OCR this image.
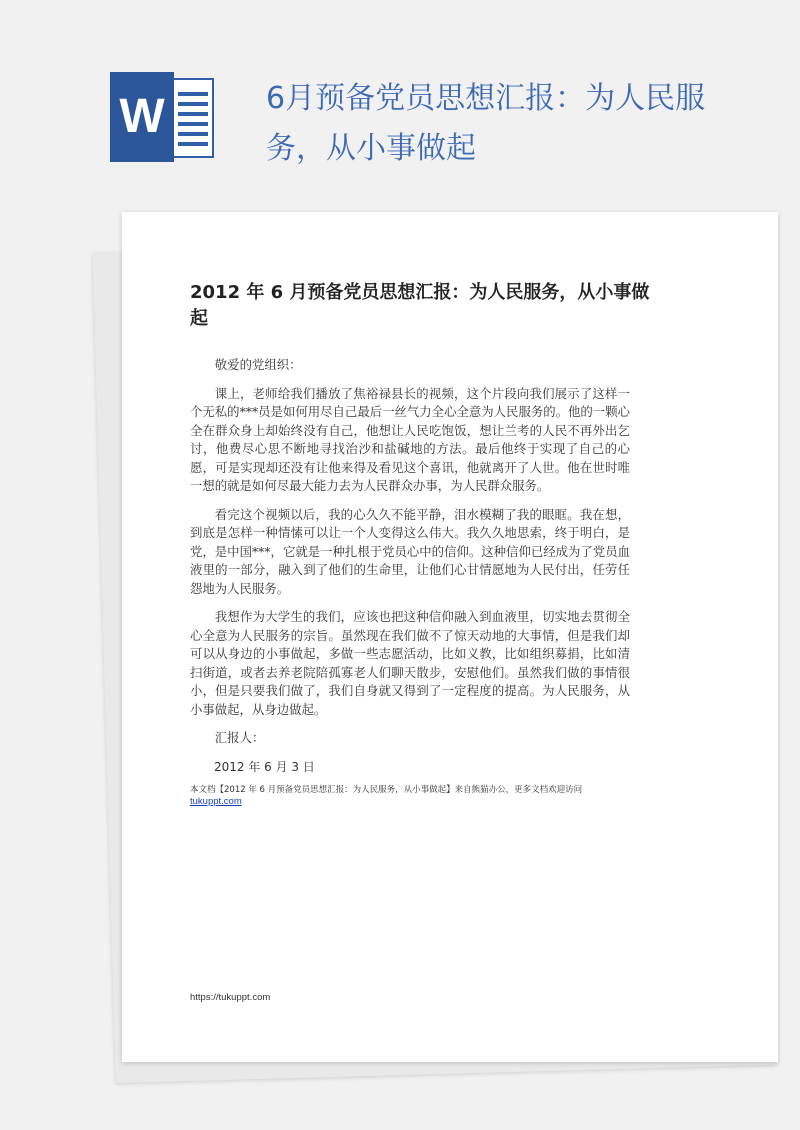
W	6月预备党员思想汇报：为人民服务，从小事做起
2012 年 6 月预备党员思想汇报：为人民服务，从小事做起

敬爱的党组织：

课上，老师给我们播放了焦裕禄县长的视频，这个片段向我们展示了这样一个无私的***员是如何用尽自己最后一丝气力全心全意为人民服务的。他的一颗心全在群众身上却始终没有自己，他想让人民吃饱饭，想让兰考的人民不再外出乞讨，他费尽心思不断地寻找治沙和盐碱地的方法。最后他终于实现了自己的心愿，可是实现却还没有让他来得及看见这个喜讯，他就离开了人世。他在世时唯一想的就是如何尽最大能力去为人民群众办事，为人民群众服务。

看完这个视频以后，我的心久久不能平静，泪水模糊了我的眼眶。我在想，到底是怎样一种情愫可以让一个人变得这么伟大。我久久地思索，终于明白，是党，是中国***，它就是一种扎根于党员心中的信仰。这种信仰已经成为了党员血液里的一部分，融入到了他们的生命里，让他们心甘情愿地为人民付出，任劳任怨地为人民服务。

我想作为大学生的我们，应该也把这种信仰融入到血液里，切实地去贯彻全心全意为人民服务的宗旨。虽然现在我们做不了惊天动地的大事情，但是我们却可以从身边的小事做起，多做一些志愿活动，比如义教，比如组织募捐，比如清扫街道，或者去养老院陪孤寡老人们聊天散步，安慰他们。虽然我们做的事情很小，但是只要我们做了，我们自身就又得到了一定程度的提高。为人民服务，从小事做起，从身边做起。

汇报人：

2012 年 6 月 3 日

本文档【2012 年 6 月预备党员思想汇报：为人民服务，从小事做起】来自熊猫办公，更多文档欢迎访问
tukuppt.com
https://tukuppt.com
